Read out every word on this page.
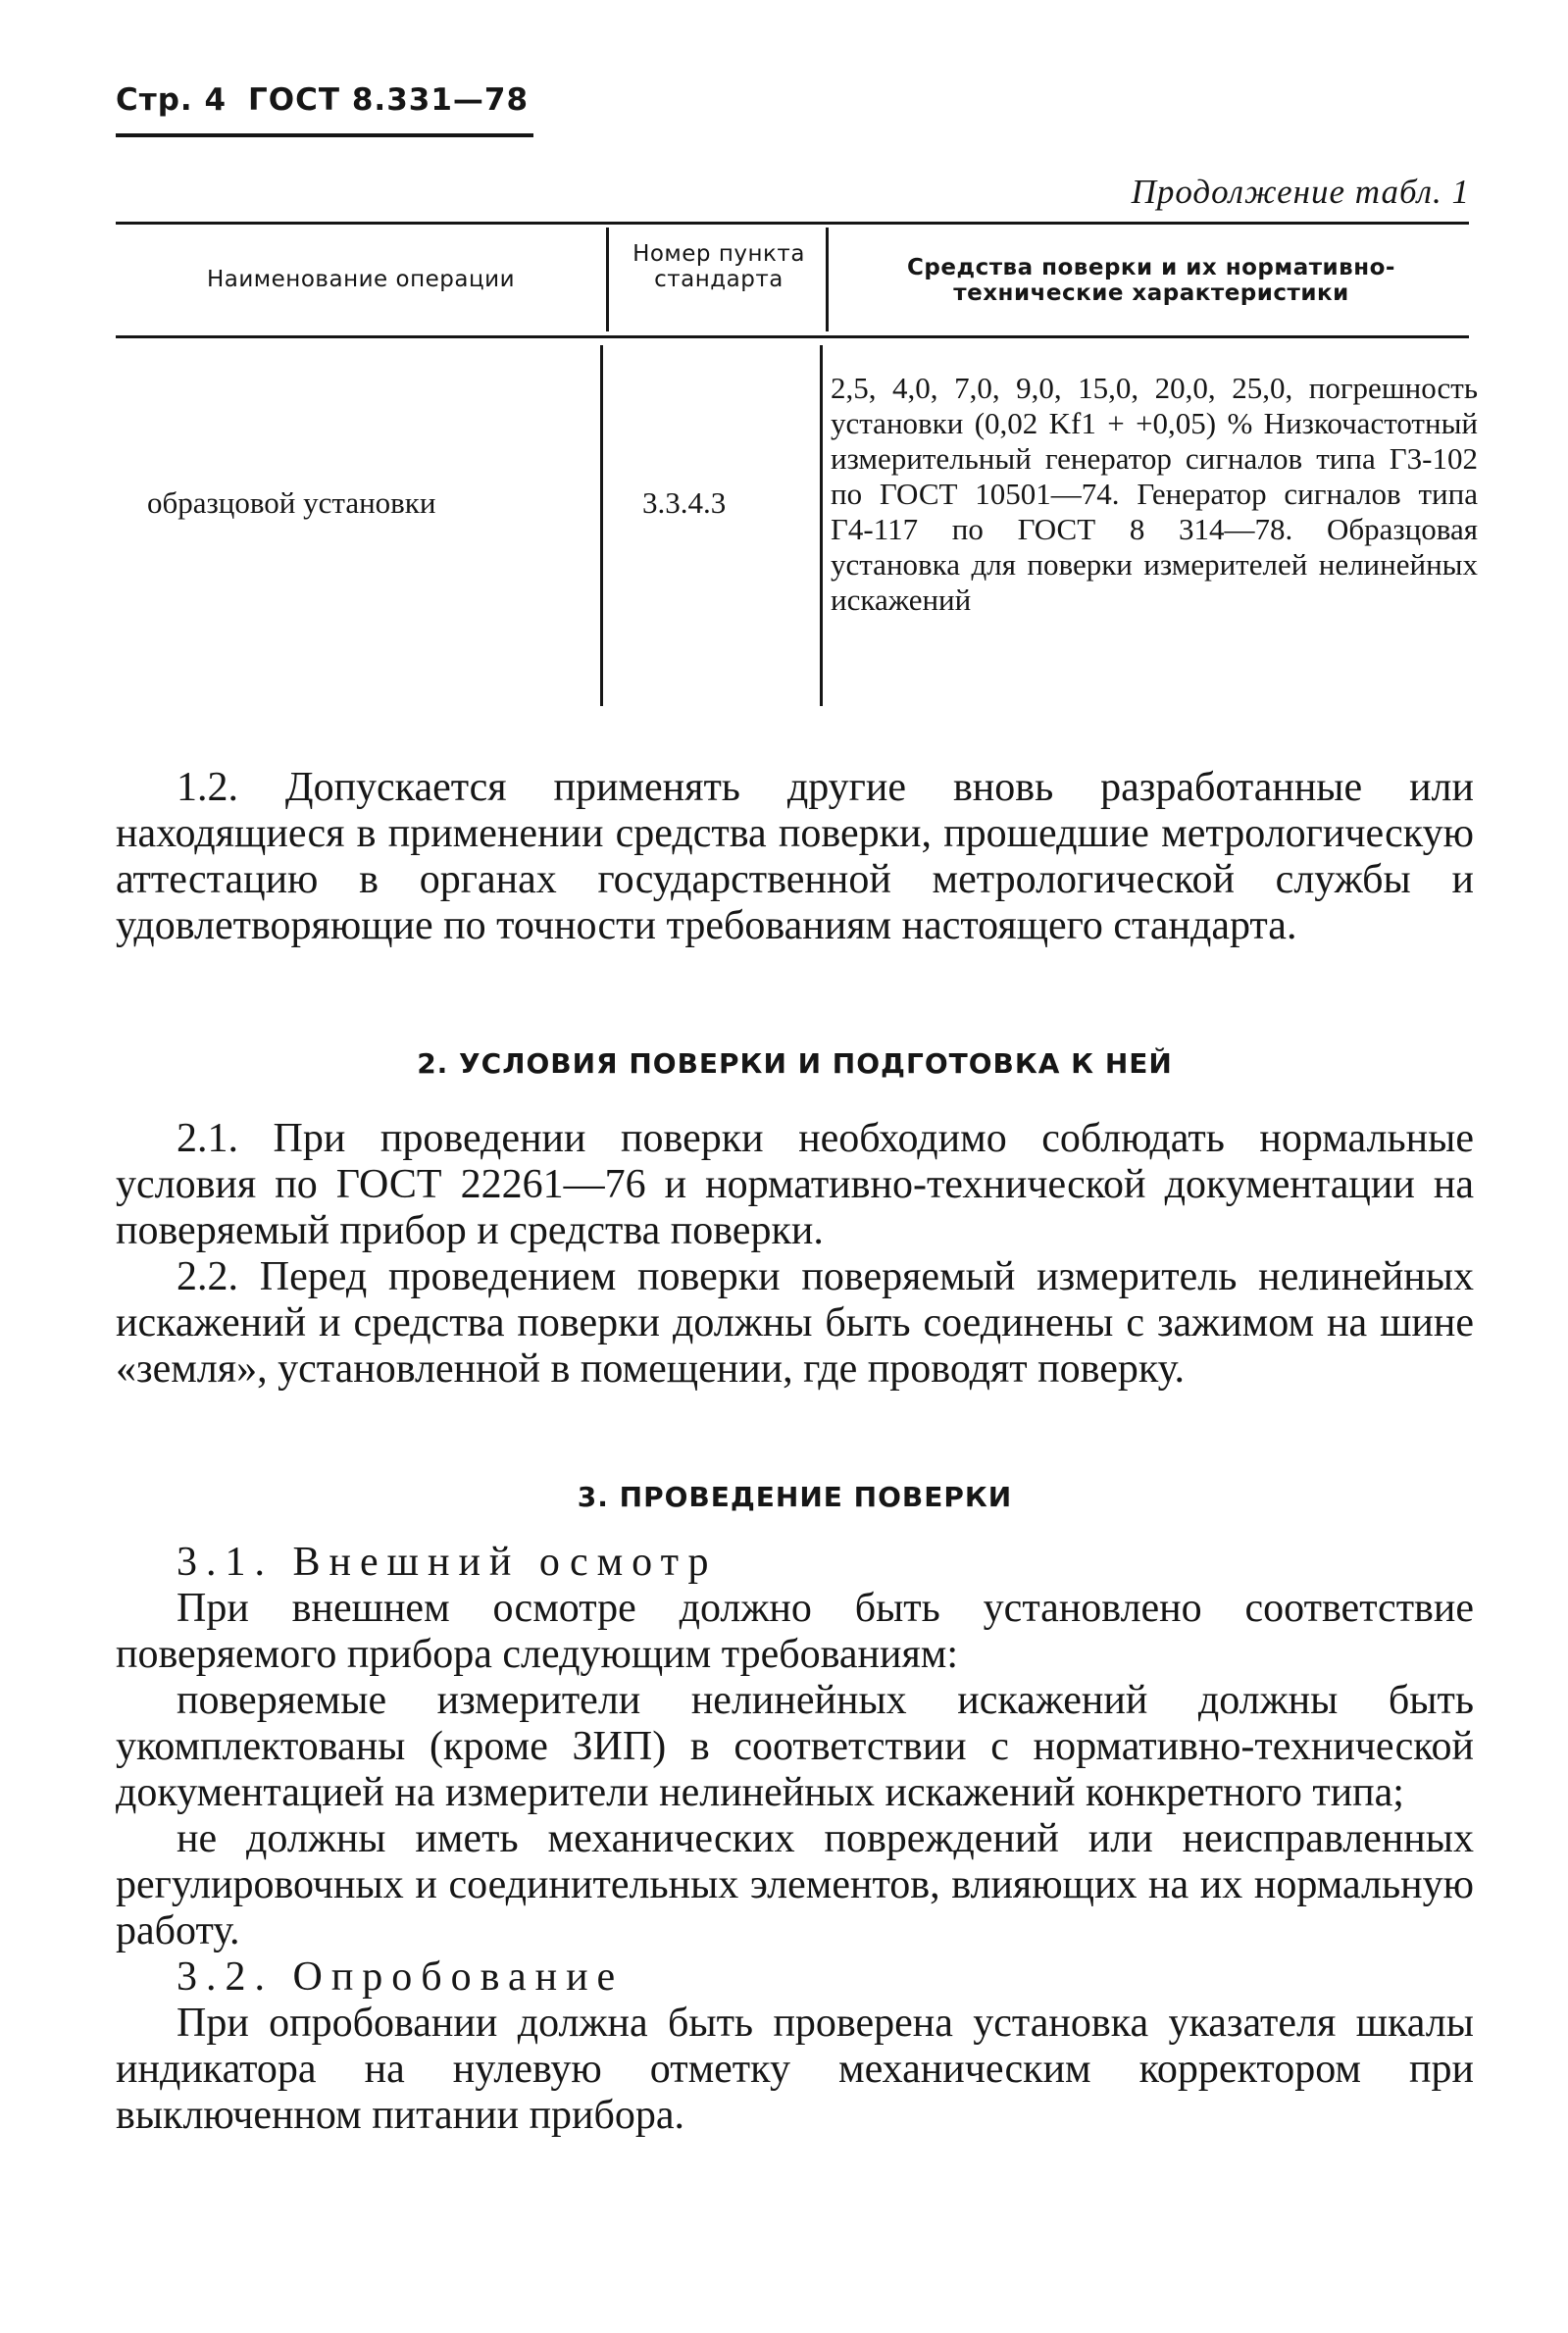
Стр. 4 ГОСТ 8.331—78
Продолжение табл. 1
Наименование операции
Номер пункта стандарта	Средства поверки и их нормативно-технические характеристики
образцовой установки	3.3.4.3
2,5, 4,0, 7,0, 9,0, 15,0, 20,0, 25,0, погрешность установки (0,02 Kf1 + +0,05) % Низкочастотный измерительный генератор сигналов типа Г3-102 по ГОСТ 10501—74. Генератор сигналов типа Г4-117 по ГОСТ 8 314—78. Образцовая установка для поверки измерителей нелинейных искажений

1.2. Допускается применять другие вновь разработанные или находящиеся в применении средства поверки, прошедшие метрологическую аттестацию в органах государственной метрологической службы и удовлетворяющие по точности требованиям настоящего стандарта.

2. УСЛОВИЯ ПОВЕРКИ И ПОДГОТОВКА К НЕЙ

2.1. При проведении поверки необходимо соблюдать нормальные условия по ГОСТ 22261—76 и нормативно-технической документации на поверяемый прибор и средства поверки.

2.2. Перед проведением поверки поверяемый измеритель нелинейных искажений и средства поверки должны быть соединены с зажимом на шине «земля», установленной в помещении, где проводят поверку.

3. ПРОВЕДЕНИЕ ПОВЕРКИ

3.1. Внешний осмотр

При внешнем осмотре должно быть установлено соответствие поверяемого прибора следующим требованиям:

поверяемые измерители нелинейных искажений должны быть укомплектованы (кроме ЗИП) в соответствии с нормативно-технической документацией на измерители нелинейных искажений конкретного типа;

не должны иметь механических повреждений или неисправленных регулировочных и соединительных элементов, влияющих на их нормальную работу.

3.2. Опробование

При опробовании должна быть проверена установка указателя шкалы индикатора на нулевую отметку механическим корректором при выключенном питании прибора.
